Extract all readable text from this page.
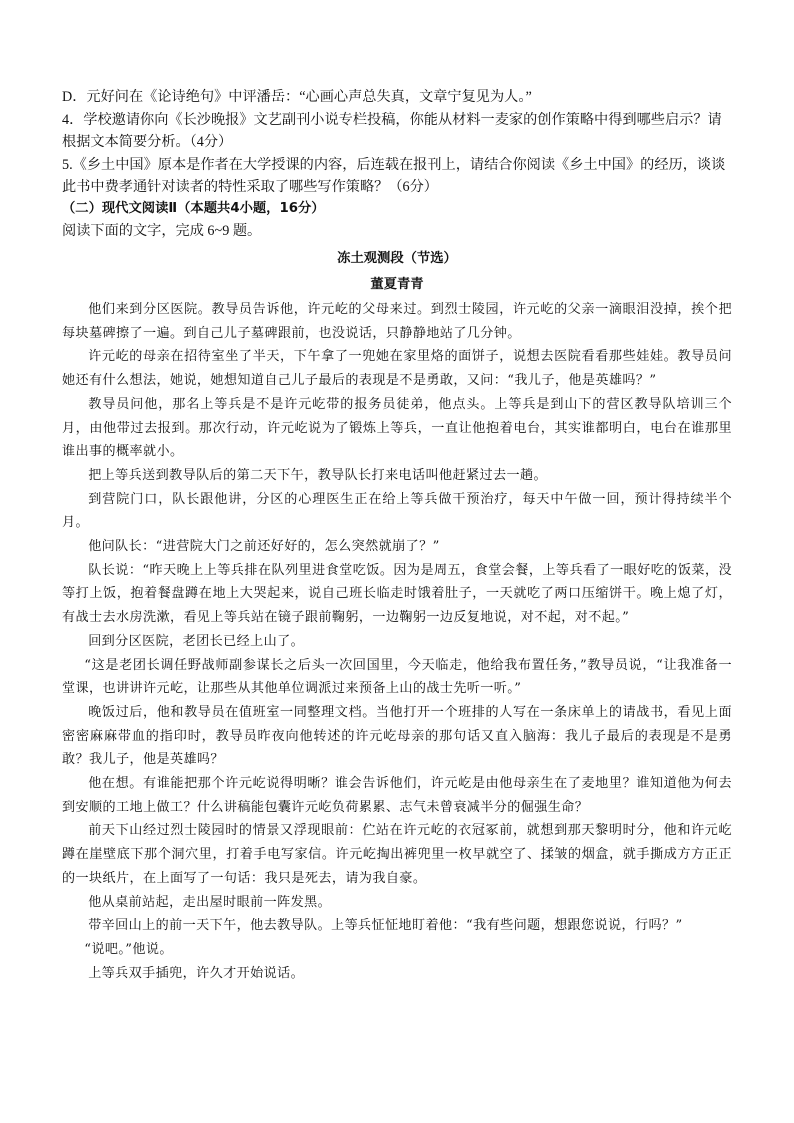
D．元好问在《论诗绝句》中评潘岳：“心画心声总失真，文章宁复见为人。”

4．学校邀请你向《长沙晚报》文艺副刊小说专栏投稿，你能从材料一麦家的创作策略中得到哪些启示？请根据文本简要分析。（4分）

5.《乡土中国》原本是作者在大学授课的内容，后连载在报刊上，请结合你阅读《乡土中国》的经历，谈谈此书中费孝通针对读者的特性采取了哪些写作策略？（6分）

（二）现代文阅读Ⅱ（本题共4小题，16分）

阅读下面的文字，完成 6~9 题。

冻土观测段（节选）

董夏青青

他们来到分区医院。教导员告诉他，许元屹的父母来过。到烈士陵园，许元屹的父亲一滴眼泪没掉，挨个把每块墓碑擦了一遍。到自己儿子墓碑跟前，也没说话，只静静地站了几分钟。

许元屹的母亲在招待室坐了半天，下午拿了一兜她在家里烙的面饼子，说想去医院看看那些娃娃。教导员问她还有什么想法，她说，她想知道自己儿子最后的表现是不是勇敢，又问：“我儿子，他是英雄吗？”

教导员问他，那名上等兵是不是许元屹带的报务员徒弟，他点头。上等兵是到山下的营区教导队培训三个月，由他带过去报到。那次行动，许元屹说为了锻炼上等兵，一直让他抱着电台，其实谁都明白，电台在谁那里谁出事的概率就小。

把上等兵送到教导队后的第二天下午，教导队长打来电话叫他赶紧过去一趟。

到营院门口，队长跟他讲，分区的心理医生正在给上等兵做干预治疗，每天中午做一回，预计得持续半个月。

他问队长：“进营院大门之前还好好的，怎么突然就崩了？”

队长说：“昨天晚上上等兵排在队列里进食堂吃饭。因为是周五，食堂会餐，上等兵看了一眼好吃的饭菜，没等打上饭，抱着餐盘蹲在地上大哭起来，说自己班长临走时饿着肚子，一天就吃了两口压缩饼干。晚上熄了灯，有战士去水房洗漱，看见上等兵站在镜子跟前鞠躬，一边鞠躬一边反复地说，对不起，对不起。”

回到分区医院，老团长已经上山了。

“这是老团长调任野战师副参谋长之后头一次回国里，今天临走，他给我布置任务，”教导员说，“让我准备一堂课，也讲讲许元屹，让那些从其他单位调派过来预备上山的战士先听一听。”

晚饭过后，他和教导员在值班室一同整理文档。当他打开一个班排的人写在一条床单上的请战书，看见上面密密麻麻带血的指印时，教导员昨夜向他转述的许元屹母亲的那句话又直入脑海：我儿子最后的表现是不是勇敢？我儿子，他是英雄吗？

他在想。有谁能把那个许元屹说得明晰？谁会告诉他们，许元屹是由他母亲生在了麦地里？谁知道他为何去到安顺的工地上做工？什么讲稿能包囊许元屹负荷累累、志气未曾衰减半分的倔强生命？

前天下山经过烈士陵园时的情景又浮现眼前：伫站在许元屹的衣冠冢前，就想到那天黎明时分，他和许元屹蹲在崖壁底下那个洞穴里，打着手电写家信。许元屹掏出裤兜里一枚早就空了、揉皱的烟盒，就手撕成方方正正的一块纸片，在上面写了一句话：我只是死去，请为我自豪。

他从桌前站起，走出屋时眼前一阵发黑。

带辛回山上的前一天下午，他去教导队。上等兵怔怔地盯着他：“我有些问题，想跟您说说，行吗？”

“说吧。”他说。

上等兵双手插兜，许久才开始说话。
